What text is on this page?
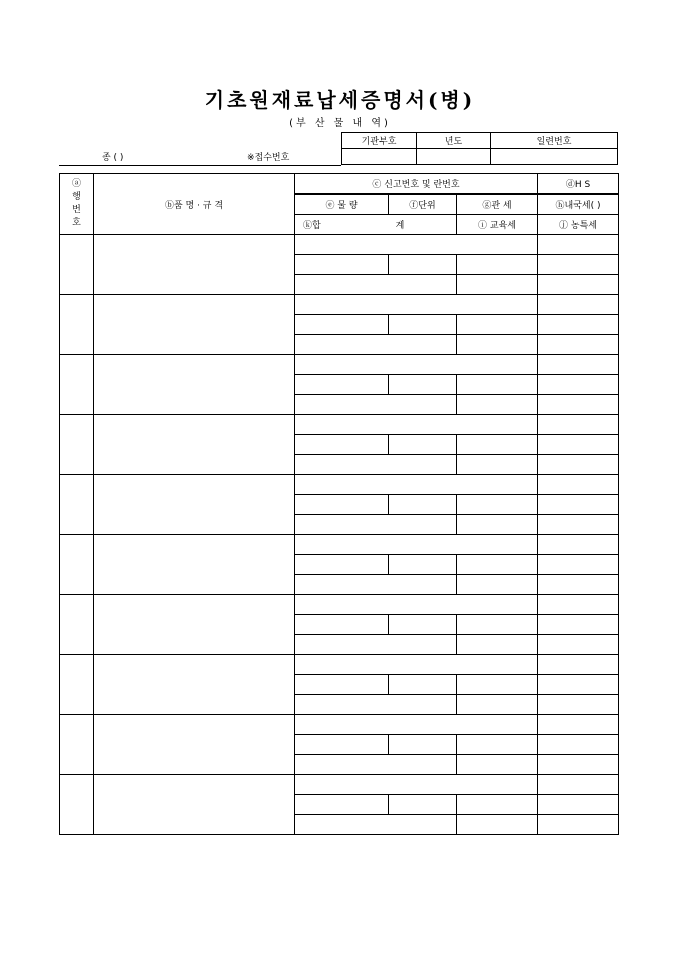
기초원재료납세증명서(병)
(부 산 물 내 역)
종 ( )	※접수번호
기관부호	년도	일련번호

ⓐ
행
번
호	ⓑ품 명 · 규 격	ⓒ 신고번호 및 란번호			ⓓH S

		ⓔ 물 량	ⓕ단위	ⓖ관 세	ⓗ내국세( )
		ⓚ합 계		ⓘ 교육세	ⓙ 농특세
